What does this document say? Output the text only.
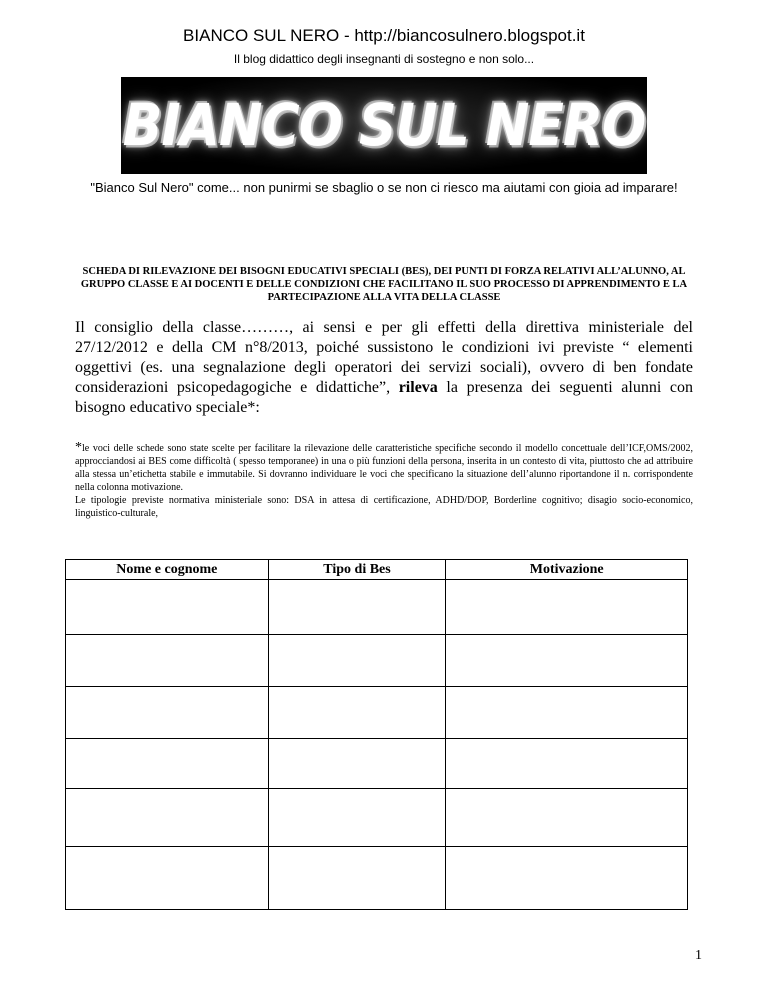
BIANCO SUL NERO - http://biancosulnero.blogspot.it
Il blog didattico degli insegnanti di sostegno e non solo...
BIANCO SUL NERO
"Bianco Sul Nero" come... non punirmi se sbaglio o se non ci riesco ma aiutami con gioia ad imparare!
SCHEDA DI RILEVAZIONE DEI BISOGNI EDUCATIVI SPECIALI (BES), DEI PUNTI DI FORZA RELATIVI ALL’ALUNNO, AL GRUPPO CLASSE E AI DOCENTI E DELLE CONDIZIONI CHE FACILITANO IL SUO PROCESSO DI APPRENDIMENTO E LA PARTECIPAZIONE ALLA VITA DELLA CLASSE
Il consiglio della classe………, ai sensi e per gli effetti della direttiva ministeriale del 27/12/2012 e della CM n°8/2013, poiché sussistono le condizioni ivi previste “ elementi oggettivi (es. una segnalazione degli operatori dei servizi sociali), ovvero di ben fondate considerazioni psicopedagogiche e didattiche”, rileva la presenza dei seguenti alunni con bisogno educativo speciale*:
*le voci delle schede sono state scelte per facilitare la rilevazione delle caratteristiche specifiche secondo il modello concettuale dell’ICF,OMS/2002, approcciandosi ai BES come difficoltà ( spesso temporanee) in una o più funzioni della persona, inserita in un contesto di vita, piuttosto che ad attribuire alla stessa un’etichetta stabile e immutabile. Si dovranno individuare le voci che specificano la situazione dell’alunno riportandone il n. corrispondente nella colonna motivazione.
Le tipologie previste normativa ministeriale sono: DSA in attesa di certificazione, ADHD/DOP, Borderline cognitivo; disagio socio-economico, linguistico-culturale,
Nome e cognome	Tipo di Bes	Motivazione

1
